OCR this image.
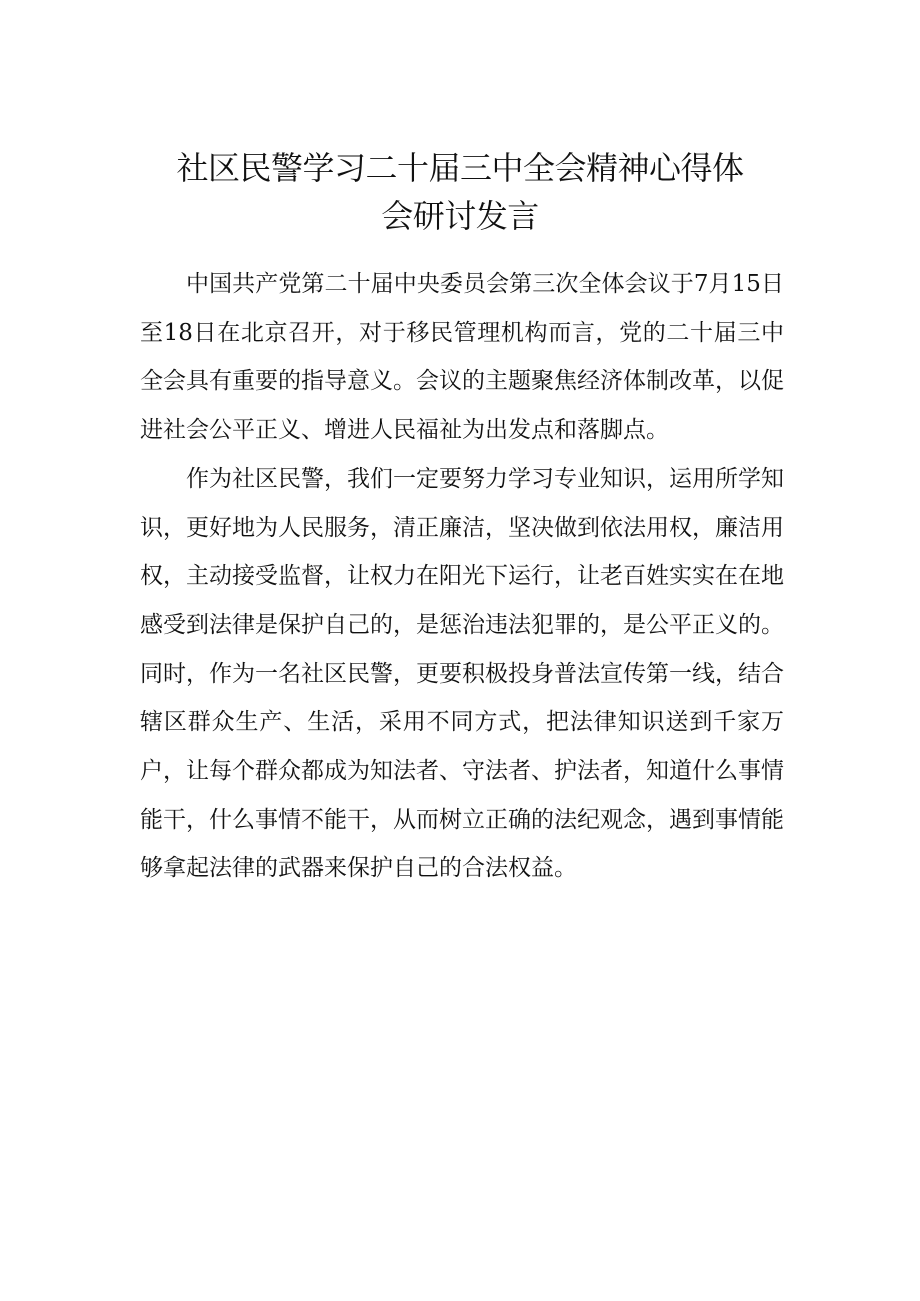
社区民警学习二十届三中全会精神心得体
会研讨发言

中国共产党第二十届中央委员会第三次全体会议于7月15日至18日在北京召开，对于移民管理机构而言，党的二十届三中全会具有重要的指导意义。会议的主题聚焦经济体制改革，以促进社会公平正义、增进人民福祉为出发点和落脚点。

作为社区民警，我们一定要努力学习专业知识，运用所学知识，更好地为人民服务，清正廉洁，坚决做到依法用权，廉洁用权，主动接受监督，让权力在阳光下运行，让老百姓实实在在地感受到法律是保护自己的，是惩治违法犯罪的，是公平正义的。同时，作为一名社区民警，更要积极投身普法宣传第一线，结合辖区群众生产、生活，采用不同方式，把法律知识送到千家万户，让每个群众都成为知法者、守法者、护法者，知道什么事情能干，什么事情不能干，从而树立正确的法纪观念，遇到事情能够拿起法律的武器来保护自己的合法权益。
